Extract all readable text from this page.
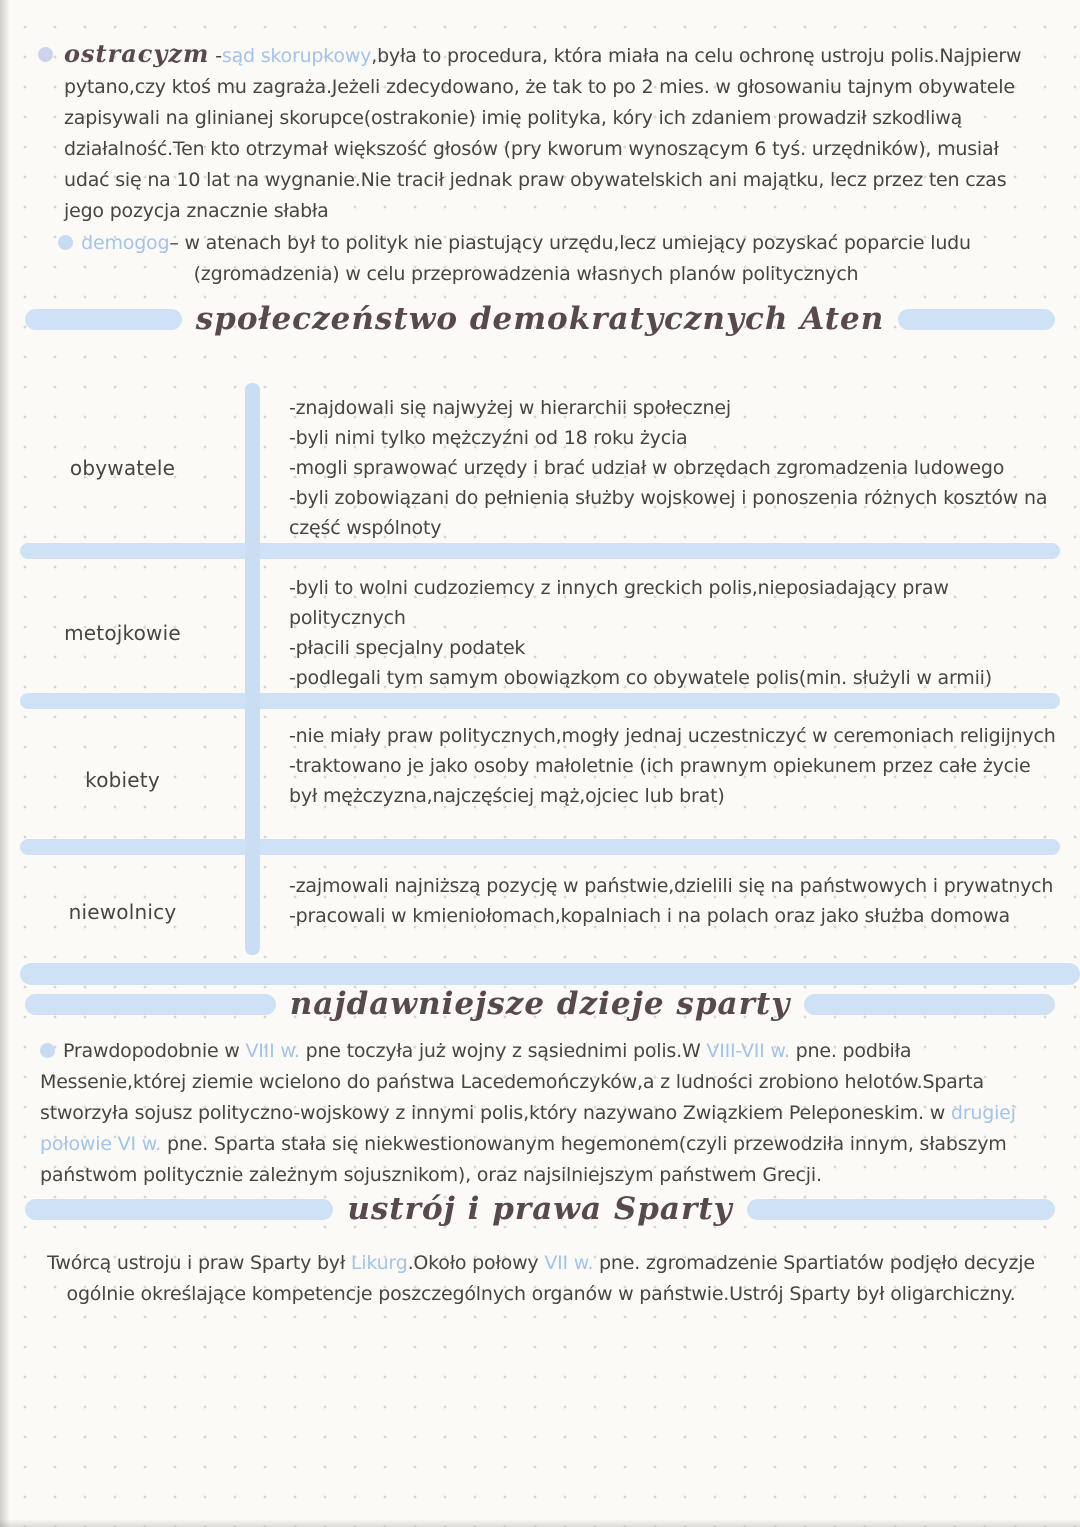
ostracyzm -sąd skorupkowy,była to procedura, która miała na celu ochronę ustroju polis.Najpierw pytano,czy ktoś mu zagraża.Jeżeli zdecydowano, że tak to po 2 mies. w głosowaniu tajnym obywatele zapisywali na glinianej skorupce(ostrakonie) imię polityka, kóry ich zdaniem prowadził szkodliwą działalność.Ten kto otrzymał większość głosów (pry kworum wynoszącym 6 tyś. urzędników), musiał udać się na 10 lat na wygnanie.Nie tracił jednak praw obywatelskich ani majątku, lecz przez ten czas jego pozycja znacznie słabła
demogog– w atenach był to polityk nie piastujący urzędu,lecz umiejący pozyskać poparcie ludu (zgromadzenia) w celu przeprowadzenia własnych planów politycznych
społeczeństwo demokratycznych Aten
obywatele
-znajdowali się najwyżej w hierarchii społecznej
-byli nimi tylko mężczyźni od 18 roku życia
-mogli sprawować urzędy i brać udział w obrzędach zgromadzenia ludowego
-byli zobowiązani do pełnienia służby wojskowej i ponoszenia różnych kosztów na część wspólnoty
metojkowie
-byli to wolni cudzoziemcy z innych greckich polis,nieposiadający praw politycznych
-płacili specjalny podatek
-podlegali tym samym obowiązkom co obywatele polis(min. służyli w armii)
kobiety
-nie miały praw politycznych,mogły jednaj uczestniczyć w ceremoniach religijnych
-traktowano je jako osoby małoletnie (ich prawnym opiekunem przez całe życie był mężczyzna,najczęściej mąż,ojciec lub brat)
niewolnicy
-zajmowali najniższą pozycję w państwie,dzielili się na państwowych i prywatnych
-pracowali w kmieniołomach,kopalniach i na polach oraz jako służba domowa
najdawniejsze dzieje sparty
Prawdopodobnie w VIII w. pne toczyła już wojny z sąsiednimi polis.W VIII-VII w. pne. podbiła Messenie,której ziemie wcielono do państwa Lacedemończyków,a z ludności zrobiono helotów.Sparta stworzyła sojusz polityczno-wojskowy z innymi polis,który nazywano Związkiem Peleponeskim. w drugiej połowie VI w. pne. Sparta stała się niekwestionowanym hegemonem(czyli przewodziła innym, słabszym państwom politycznie zależnym sojusznikom), oraz najsilniejszym państwem Grecji.
ustrój i prawa Sparty
Twórcą ustroju i praw Sparty był Likurg.Około połowy VII w. pne. zgromadzenie Spartiatów podjęło decyzje ogólnie określające kompetencje poszczególnych organów w państwie.Ustrój Sparty był oligarchiczny.
